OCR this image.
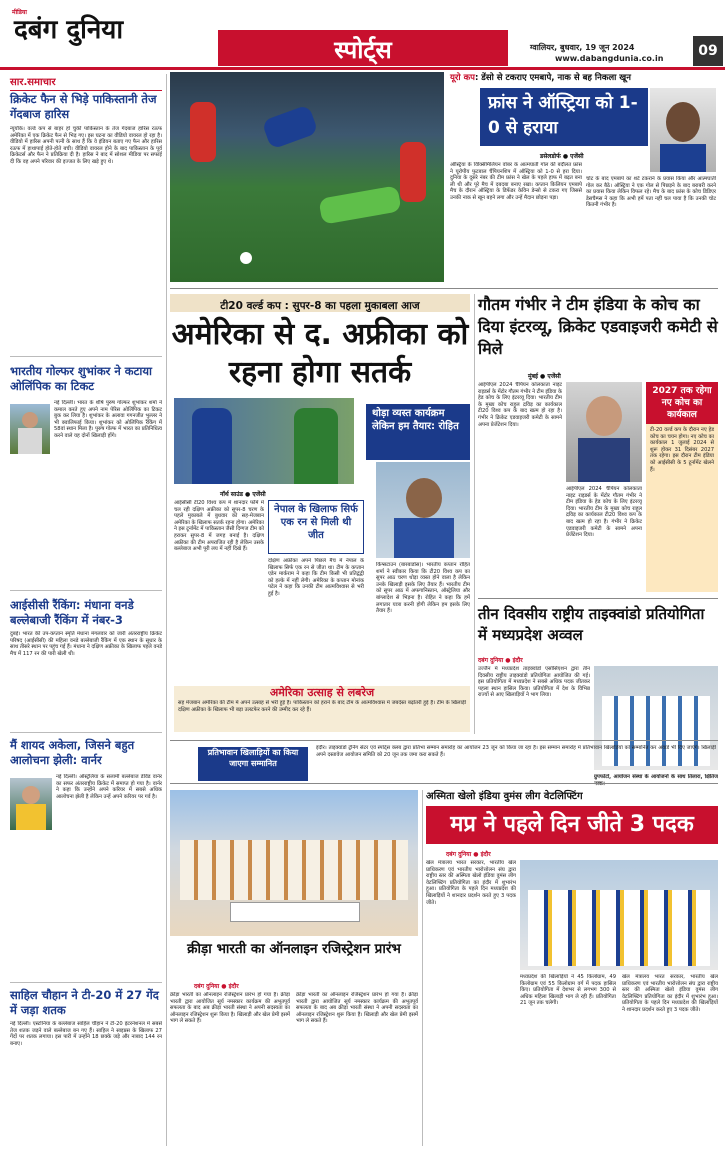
मीडिया
दबंग दुनिया
स्पोर्ट्स	ग्वालियर, बुधवार, 19 जून 2024
www.dabangdunia.co.in	09
सार.समाचार
क्रिकेट फैन से भिड़े पाकिस्तानी तेज गेंदबाज हारिस
न्यूयॉर्क। वर्ल्ड कप से बाहर हो चुकी पाकिस्तान के तेज गेंदबाज हारिस रऊफ अमेरिका में एक क्रिकेट फैन से भिड़ गए। इस घटना का वीडियो वायरल हो रहा है। वीडियो में हारिस अपनी पत्नी के साथ हैं कि वे इंडियन बताए गए फैन और हारिस रऊफ में हाथापाई होते-होते बची। वीडियो वायरल होने के बाद पाकिस्तान के पूर्व क्रिकेटर्स और फैन ने प्रतिक्रिया दी है। हारिस ने बाद में सोशल मीडिया पर सफाई दी कि वह अपने परिवार की इज्जत के लिए खड़े हुए थे।
भारतीय गोल्फर शुभांकर ने कटाया ओलिंपिक का टिकट
नई दिल्ली। भारत के शीर्ष पुरुष गोल्फर शुभांकर शर्मा ने कमाल करते हुए अपने नाम पेरिस ओलिंपिक का टिकट बुक कर लिया है। शुभांकर के अलावा गगनजीत भुल्लर ने भी क्वालिफाई किया। शुभांकर को ओलिंपिक रैंकिंग में 58वां स्थान मिला है। पुरुष गोल्फ में भारत का प्रतिनिधित्व करने वाले यह दोनों खिलाड़ी होंगे।
आईसीसी रैंकिंग: मंधाना वनडे बल्लेबाजी रैंकिंग में नंबर-3
दुबई। भारत की उप-कप्तान स्मृति मंधाना मंगलवार को जारी अंतरराष्ट्रीय क्रिकेट परिषद (आईसीसी) की महिला वनडे बल्लेबाजी रैंकिंग में एक स्थान के सुधार के साथ तीसरे स्थान पर पहुंच गई हैं। मंधाना ने दक्षिण अफ्रीका के खिलाफ पहले वनडे मैच में 117 रन की पारी खेली थी।
मैं शायद अकेला, जिसने बहुत आलोचना झेली: वार्नर
नई दिल्ली। ऑस्ट्रेलिया के सलामी बल्लेबाज डेविड वार्नर का सफर अंतरराष्ट्रीय क्रिकेट में समाप्त हो गया है। वार्नर ने कहा कि उन्होंने अपने करियर में सबसे अधिक आलोचना झेली है लेकिन उन्हें अपने करियर पर गर्व है।
साहिल चौहान ने टी-20 में 27 गेंद में जड़ा शतक
नई दिल्ली। एस्टोनिया के बल्लेबाज साहिल चौहान ने टी-20 इंटरनेशनल में सबसे तेज शतक जड़ने वाले बल्लेबाज बन गए हैं। साहिल ने साइप्रस के खिलाफ 27 गेंदों पर शतक लगाया। इस पारी में उन्होंने 18 छक्के जड़े और नाबाद 144 रन बनाए।
यूरो कप: डेंसो से टकराए एमबापे, नाक से बह निकला खून
फ्रांस ने ऑस्ट्रिया को 1-0 से हराया
डसेलडोर्फ ● एजेंसी
ऑस्ट्रिया के विक्सिमिलियन वोबर के आत्मघाती गोल की बदौलत फ्रांस ने यूरोपीय फुटबाल चैंपियनशिप में ऑस्ट्रिया को 1-0 से हरा दिया। दुनिया के दूसरे नंबर की टीम फ्रांस ने खेल के पहले हाफ में बढ़त बना ली थी और पूरे मैच में दबदबा बनाए रखा। कप्तान किलियन एमबापे मैच के दौरान ऑस्ट्रिया के डिफेंडर केविन डेन्सो से टकरा गए जिससे उनकी नाक से खून बहने लगा और उन्हें मैदान छोड़ना पड़ा।
चोट के बाद एमबापे का शर्ट टकराने के प्रयास किया और आत्मघाती गोल कर बैठे। ऑस्ट्रिया ने एक गोल से पिछड़ने के बाद बराबरी करने का प्रयास किया लेकिन विफल रहे। मैच के बाद फ्रांस के कोच डिडिएर डेसचैम्प्स ने कहा कि अभी हमें पता नहीं चल पाया है कि उनकी चोट कितनी गंभीर है।
टी20 वर्ल्ड कप : सुपर-8 का पहला मुकाबला आज
अमेरिका से द. अफ्रीका को रहना होगा सतर्क
थोड़ा व्यस्त कार्यक्रम लेकिन हम तैयार: रोहित
नॉर्थ साउंड ● एजेंसी
आईसीसी टी20 विश्व कप में शानदार फॉर्म में चल रही दक्षिण अफ्रीका को सुपर-8 चरण के पहले मुकाबले में बुधवार को सह-मेजबान अमेरिका के खिलाफ सतर्क रहना होगा। अमेरिका ने इस टूर्नामेंट में पाकिस्तान जैसी दिग्गज टीम को हराकर सुपर-8 में जगह बनाई है। दक्षिण अफ्रीका की टीम अपराजित रही है लेकिन उसके बल्लेबाज अभी पूरी लय में नहीं दिखे हैं।
नेपाल के खिलाफ सिर्फ एक रन से मिली थी जीत
दक्षिण अफ्रीका अपने पिछले मैच में नेपाल के खिलाफ सिर्फ एक रन से जीता था। टीम के कप्तान एडेन मार्कराम ने कहा कि टीम किसी भी प्रतिद्वंद्वी को हल्के में नहीं लेगी। अमेरिका के कप्तान मोनांक पटेल ने कहा कि उनकी टीम आत्मविश्वास से भरी हुई है।
किंग्सटाउन (बारबाडोस)। भारतीय कप्तान रोहित शर्मा ने स्वीकार किया कि टी20 विश्व कप का सुपर आठ चरण थोड़ा व्यस्त होने वाला है लेकिन उनके खिलाड़ी इसके लिए तैयार हैं। भारतीय टीम को सुपर आठ में अफगानिस्तान, ऑस्ट्रेलिया और बांग्लादेश से भिड़ना है। रोहित ने कहा कि हमें लगातार यात्रा करनी होगी लेकिन हम इसके लिए तैयार हैं।
अमेरिका उत्साह से लबरेज
सह मेजबान अमेरिका की टीम में अपने उत्साह से भरी हुई है। पाकिस्तान को हराने के बाद टीम के आत्मविश्वास में जबर्दस्त बढ़ोतरी हुई है। टीम के खिलाड़ी दक्षिण अफ्रीका के खिलाफ भी बड़ा उलटफेर करने की उम्मीद कर रहे हैं।
गौतम गंभीर ने टीम इंडिया के कोच का दिया इंटरव्यू, क्रिकेट एडवाइजरी कमेटी से मिले
मुंबई ● एजेंसी
आईपीएल 2024 चैंपियन कोलकाता नाइट राइडर्स के मेंटोर गौतम गंभीर ने टीम इंडिया के हेड कोच के लिए इंटरव्यू दिया। भारतीय टीम के मुख्य कोच राहुल द्रविड़ का कार्यकाल टी20 विश्व कप के बाद खत्म हो रहा है। गंभीर ने क्रिकेट एडवाइजरी कमेटी के सामने अपना प्रेजेंटेशन दिया।
आईपीएल 2024 चैंपियन कोलकाता नाइट राइडर्स के मेंटोर गौतम गंभीर ने टीम इंडिया के हेड कोच के लिए इंटरव्यू दिया। भारतीय टीम के मुख्य कोच राहुल द्रविड़ का कार्यकाल टी20 विश्व कप के बाद खत्म हो रहा है। गंभीर ने क्रिकेट एडवाइजरी कमेटी के सामने अपना प्रेजेंटेशन दिया।
2027 तक रहेगा नए कोच का कार्यकाल
टी-20 वर्ल्ड कप के दौरान नए हेड कोच का चयन होगा। नए कोच का कार्यकाल 1 जुलाई 2024 से शुरू होकर 31 दिसंबर 2027 तक रहेगा। इस दौरान टीम इंडिया को आईसीसी के 5 टूर्नामेंट खेलने हैं।
तीन दिवसीय राष्ट्रीय ताइक्वांडो प्रतियोगिता में मध्यप्रदेश अव्वल
दबंग दुनिया ● इंदौर
उज्जैन में मध्यप्रदेश ताइक्वांडो एसोसिएशन द्वारा तीन दिवसीय राष्ट्रीय ताइक्वांडो प्रतियोगिता आयोजित की गई। इस प्रतियोगिता में मध्यप्रदेश ने सबसे अधिक पदक जीतकर पहला स्थान हासिल किया। प्रतियोगिता में देश के विभिन्न राज्यों से आए खिलाड़ियों ने भाग लिया।
ग्रुपफोटो, आयोजन संस्था के आयोजनों के साथ तिलारा, क्षितिज नस्क।
प्रतिभावान खिलाड़ियों का किया जाएगा सम्मानित
इंदौर। ताइक्वांडो ट्रेनिंग सेंटर एवं स्पोर्ट्स क्लब द्वारा प्रतिभा सम्मान समारोह का आयोजन 23 जून को किया जा रहा है। इस सम्मान समारोह में प्रतिभावान खिलाड़ियों को सम्मानित कर अवार्ड भी दिए जाएंगे। खिलाड़ी अपने दस्तावेज आयोजन समिति को 20 जून तक जमा करा सकते हैं।
क्रीड़ा भारती का ऑनलाइन रजिस्ट्रेशन प्रारंभ
दबंग दुनिया ● इंदौर
क्रीड़ा भारती का ऑनलाइन रजिस्ट्रेशन प्रारंभ हो गया है। क्रीड़ा भारती द्वारा आयोजित सूर्य नमस्कार कार्यक्रम की अभूतपूर्व सफलता के बाद अब क्रीड़ा भारती संस्था ने अपनी सदस्यता का ऑनलाइन रजिस्ट्रेशन शुरू किया है। खिलाड़ी और खेल प्रेमी इसमें भाग ले सकते हैं।
क्रीड़ा भारती का ऑनलाइन रजिस्ट्रेशन प्रारंभ हो गया है। क्रीड़ा भारती द्वारा आयोजित सूर्य नमस्कार कार्यक्रम की अभूतपूर्व सफलता के बाद अब क्रीड़ा भारती संस्था ने अपनी सदस्यता का ऑनलाइन रजिस्ट्रेशन शुरू किया है। खिलाड़ी और खेल प्रेमी इसमें भाग ले सकते हैं।
अस्मिता खेलो इंडिया वुमंस लीग वेटलिफ्टिंग
मप्र ने पहले दिन जीते 3 पदक
दबंग दुनिया ● इंदौर
खेल मंत्रालय भारत सरकार, भारतीय खेल प्राधिकरण एवं भारतीय भारोत्तोलन संघ द्वारा राष्ट्रीय स्तर की अस्मिता खेलो इंडिया वुमंस लीग वेटलिफ्टिंग प्रतियोगिता का इंदौर में शुभारंभ हुआ। प्रतियोगिता के पहले दिन मध्यप्रदेश की खिलाड़ियों ने शानदार प्रदर्शन करते हुए 3 पदक जीते।
मध्यप्रदेश की खिलाड़ियों ने 45 किलोग्राम, 49 किलोग्राम एवं 55 किलोग्राम वर्ग में पदक हासिल किए। प्रतियोगिता में देशभर से लगभग 300 से अधिक महिला खिलाड़ी भाग ले रही हैं। प्रतियोगिता 21 जून तक चलेगी।
खेल मंत्रालय भारत सरकार, भारतीय खेल प्राधिकरण एवं भारतीय भारोत्तोलन संघ द्वारा राष्ट्रीय स्तर की अस्मिता खेलो इंडिया वुमंस लीग वेटलिफ्टिंग प्रतियोगिता का इंदौर में शुभारंभ हुआ। प्रतियोगिता के पहले दिन मध्यप्रदेश की खिलाड़ियों ने शानदार प्रदर्शन करते हुए 3 पदक जीते।
